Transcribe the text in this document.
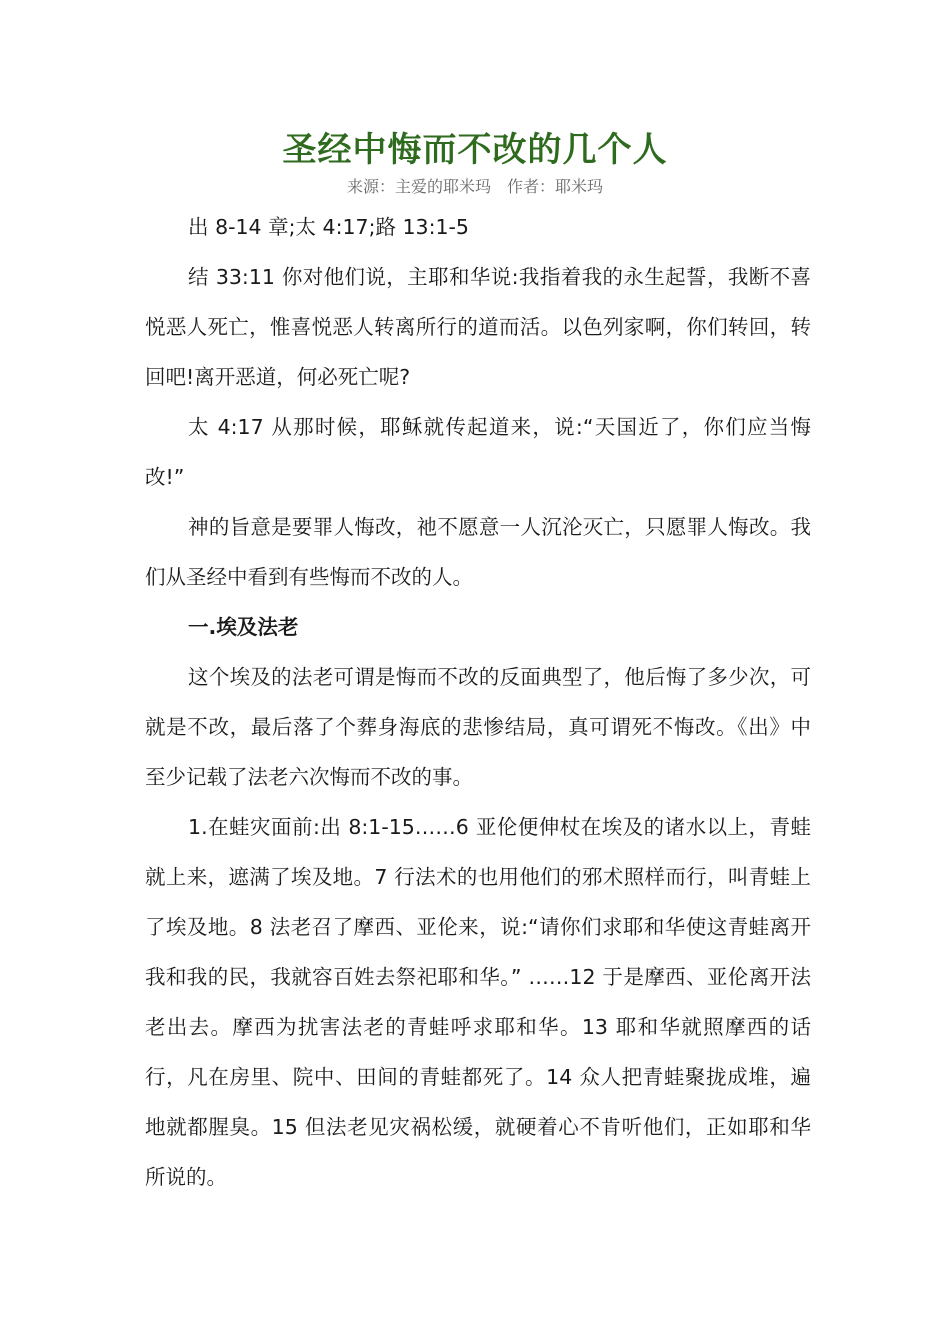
圣经中悔而不改的几个人
来源：主爱的耶米玛　作者：耶米玛

出 8-14 章;太 4:17;路 13:1-5

结 33:11 你对他们说，主耶和华说:我指着我的永生起誓，我断不喜悦恶人死亡，惟喜悦恶人转离所行的道而活。以色列家啊，你们转回，转回吧!离开恶道，何必死亡呢?

太 4:17 从那时候，耶稣就传起道来，说:“天国近了，你们应当悔改!”

神的旨意是要罪人悔改，祂不愿意一人沉沦灭亡，只愿罪人悔改。我们从圣经中看到有些悔而不改的人。

一.埃及法老

这个埃及的法老可谓是悔而不改的反面典型了，他后悔了多少次，可就是不改，最后落了个葬身海底的悲惨结局，真可谓死不悔改。《出》中至少记载了法老六次悔而不改的事。

1.在蛙灾面前:出 8:1-15……6 亚伦便伸杖在埃及的诸水以上，青蛙就上来，遮满了埃及地。7 行法术的也用他们的邪术照样而行，叫青蛙上了埃及地。8 法老召了摩西、亚伦来，说:“请你们求耶和华使这青蛙离开我和我的民，我就容百姓去祭祀耶和华。” ……12 于是摩西、亚伦离开法老出去。摩西为扰害法老的青蛙呼求耶和华。13 耶和华就照摩西的话行，凡在房里、院中、田间的青蛙都死了。14 众人把青蛙聚拢成堆，遍地就都腥臭。15 但法老见灾祸松缓，就硬着心不肯听他们，正如耶和华所说的。
